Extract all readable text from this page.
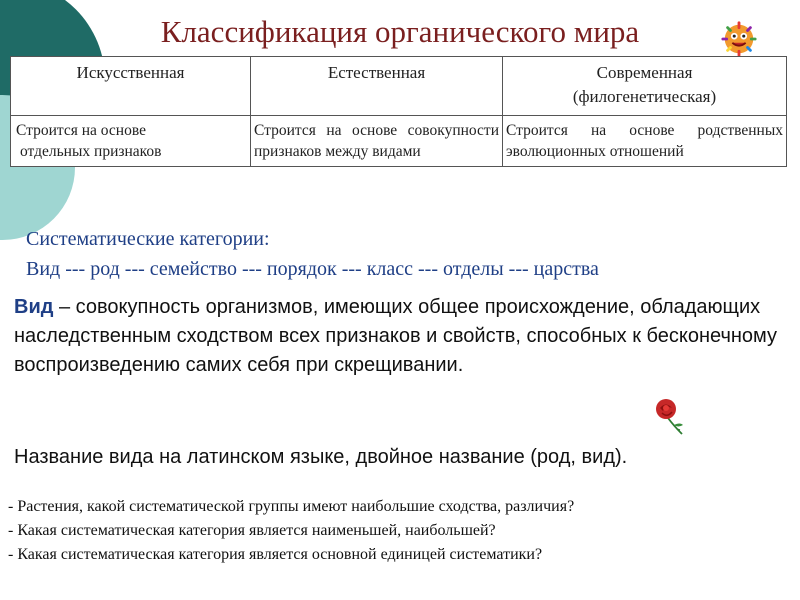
Классификация органического мира
Искусственная	Естественная	Современная
(филогенетическая)
Строится на основе
отдельных признаков	Строится на основе совокупности признаков между видами	Строится на основе родственных эволюционных отношений
Систематические категории:
Вид --- род --- семейство --- порядок --- класс --- отделы --- царства
Вид – совокупность организмов, имеющих общее происхождение, обладающих наследственным сходством всех признаков и свойств, способных к бесконечному воспроизведению самих себя при скрещивании.
Название вида на латинском языке, двойное название (род, вид).
- Растения, какой систематической группы имеют наибольшие сходства, различия?
- Какая систематическая категория является наименьшей, наибольшей?
- Какая систематическая категория является основной единицей систематики?
